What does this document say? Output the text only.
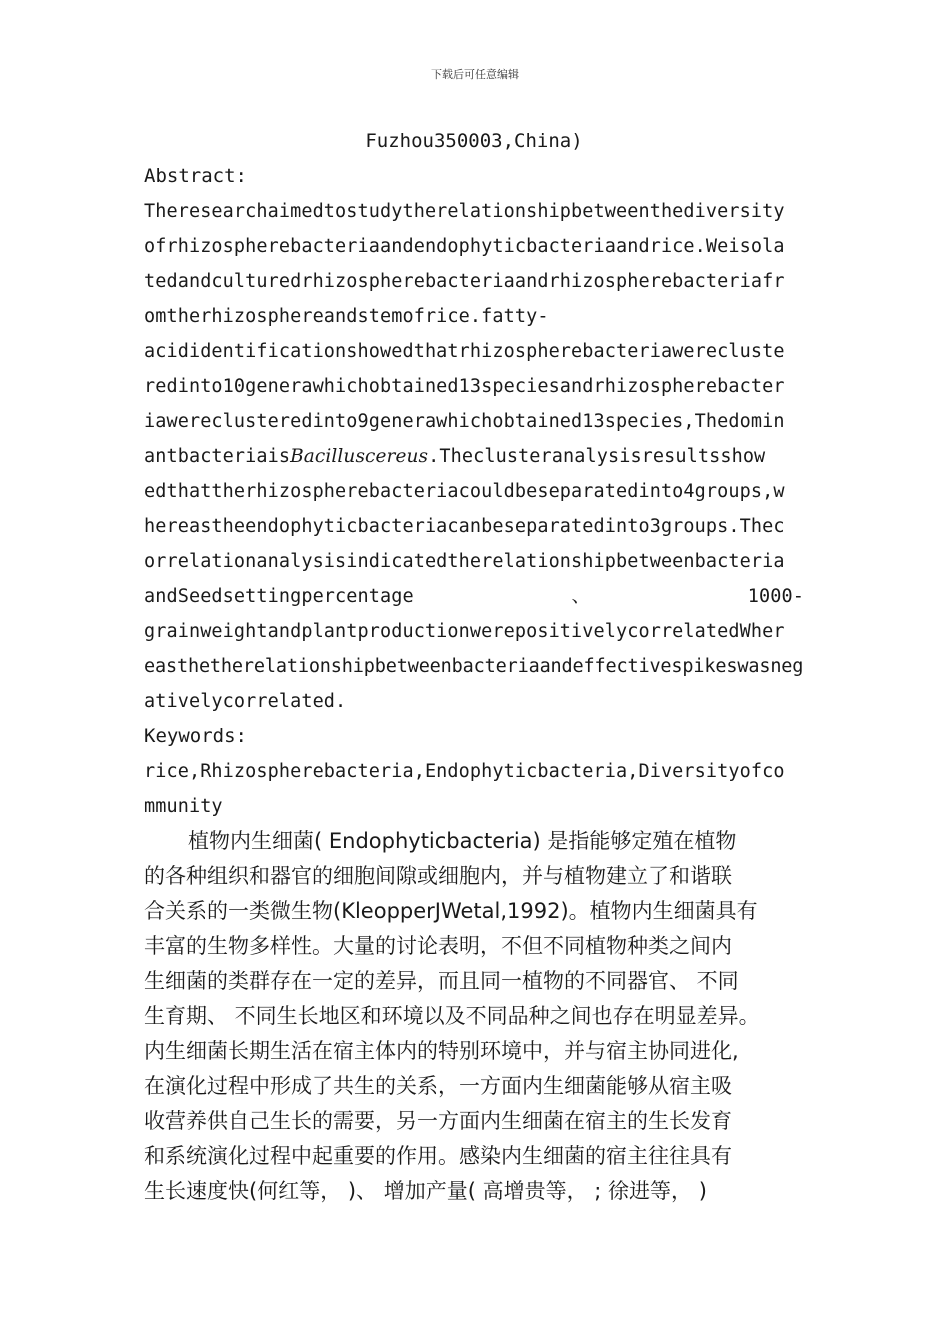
下载后可任意编辑
Fuzhou350003,China)
Abstract:
Theresearchaimedtostudytherelationshipbetweenthediversity
ofrhizospherebacteriaandendophyticbacteriaandrice.Weisola
tedandculturedrhizospherebacteriaandrhizospherebacteriafr
omtherhizosphereandstemofrice.fatty-
acididentificationshowedthatrhizospherebacteriawereclustе
redinto10generawhichobtained13speciesandrhizospherebacter
iawereclusteredinto9generawhichobtained13species,Thedomin
antbacteriaisBacilluscereus.Theclusteranalysisresultsshow
edthattherhizospherebacteriacouldbeseparatedinto4groups,w
hereastheendophyticbacteriacanbeseparatedinto3groups.Thec
orrelationanalysisindicatedtherelationshipbetweenbacteria
andSeedsettingpercentage	、	1000-
grainweightandplantproductionwerepositivelycorrelatedWher
easthetherelationshipbetweenbacteriaandeffectivespikeswasneg
ativelycorrelated.
Keywords:
rice,Rhizospherebacteria,Endophyticbacteria,Diversityofco
mmunity
植物内生细菌( Endophyticbacteria) 是指能够定殖在植物
的各种组织和器官的细胞间隙或细胞内，并与植物建立了和谐联
合关系的一类微生物(KleopperJWetal,1992)。植物内生细菌具有
丰富的生物多样性。大量的讨论表明，不但不同植物种类之间内
生细菌的类群存在一定的差异，而且同一植物的不同器官、 不同
生育期、 不同生长地区和环境以及不同品种之间也存在明显差异。
内生细菌长期生活在宿主体内的特别环境中，并与宿主协同进化,
在演化过程中形成了共生的关系，一方面内生细菌能够从宿主吸
收营养供自己生长的需要，另一方面内生细菌在宿主的生长发育
和系统演化过程中起重要的作用。感染内生细菌的宿主往往具有
生长速度快(何红等， )、 增加产量( 高增贵等， ; 徐进等， )
